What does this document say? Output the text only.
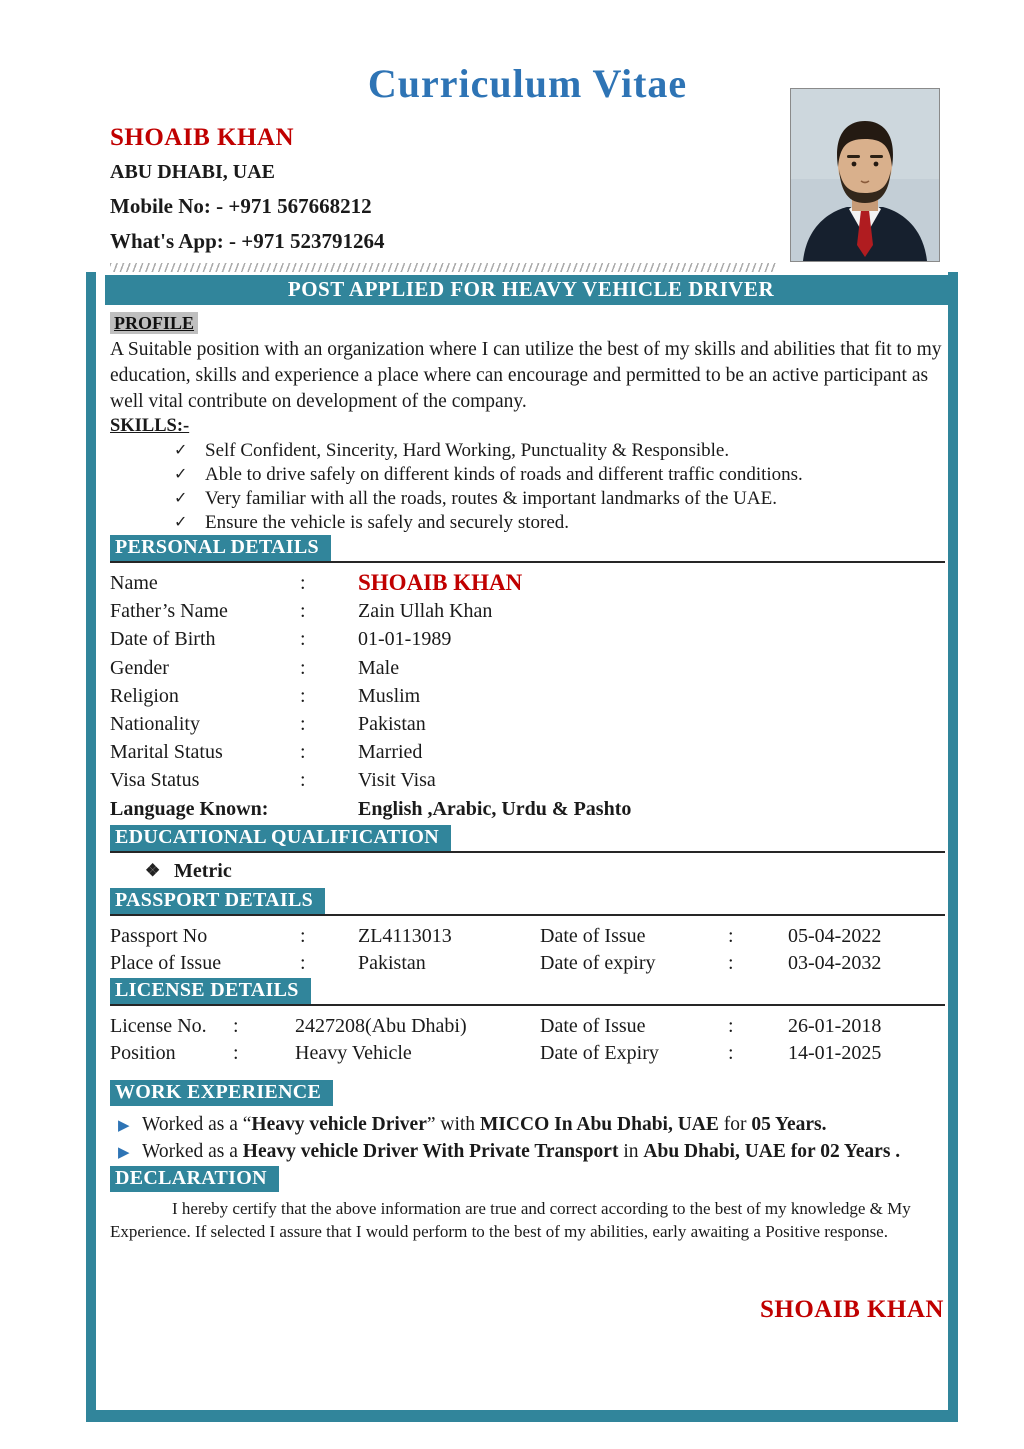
Curriculum Vitae
SHOAIB KHAN
ABU DHABI, UAE
Mobile No: - +971 567668212
What's App: - +971 523791264
POST APPLIED FOR HEAVY VEHICLE DRIVER
PROFILE

A Suitable position with an organization where I can utilize the best of my skills and abilities that fit to my education, skills and experience a place where can encourage and permitted to be an active participant as well vital contribute on development of the company.

SKILLS:-
✓ Self Confident, Sincerity, Hard Working, Punctuality & Responsible.
✓ Able to drive safely on different kinds of roads and different traffic conditions.
✓ Very familiar with all the roads, routes & important landmarks of the UAE.
✓ Ensure the vehicle is safely and securely stored.
PERSONAL DETAILS
Name	:	SHOAIB KHAN
Father’s Name	:	Zain Ullah Khan
Date of Birth	:	01-01-1989
Gender	:	Male
Religion	:	Muslim
Nationality	:	Pakistan
Marital Status	:	Married
Visa Status	:	Visit Visa
Language Known:	English ,Arabic, Urdu & Pashto
EDUCATIONAL QUALIFICATION
❖ Metric
PASSPORT DETAILS
Passport No	:	ZL4113013	Date of Issue	:	05-04-2022
Place of Issue	:	Pakistan	Date of expiry	:	03-04-2032
LICENSE DETAILS
License No.	:	2427208(Abu Dhabi)	Date of Issue	:	26-01-2018
Position	:	Heavy Vehicle	Date of Expiry	:	14-01-2025
WORK EXPERIENCE
▶ Worked as a “Heavy vehicle Driver” with MICCO In Abu Dhabi, UAE for 05 Years.
▶ Worked as a Heavy vehicle Driver With Private Transport in Abu Dhabi, UAE for 02 Years .
DECLARATION

I hereby certify that the above information are true and correct according to the best of my knowledge & My Experience. If selected I assure that I would perform to the best of my abilities, early awaiting a Positive response.

SHOAIB KHAN
